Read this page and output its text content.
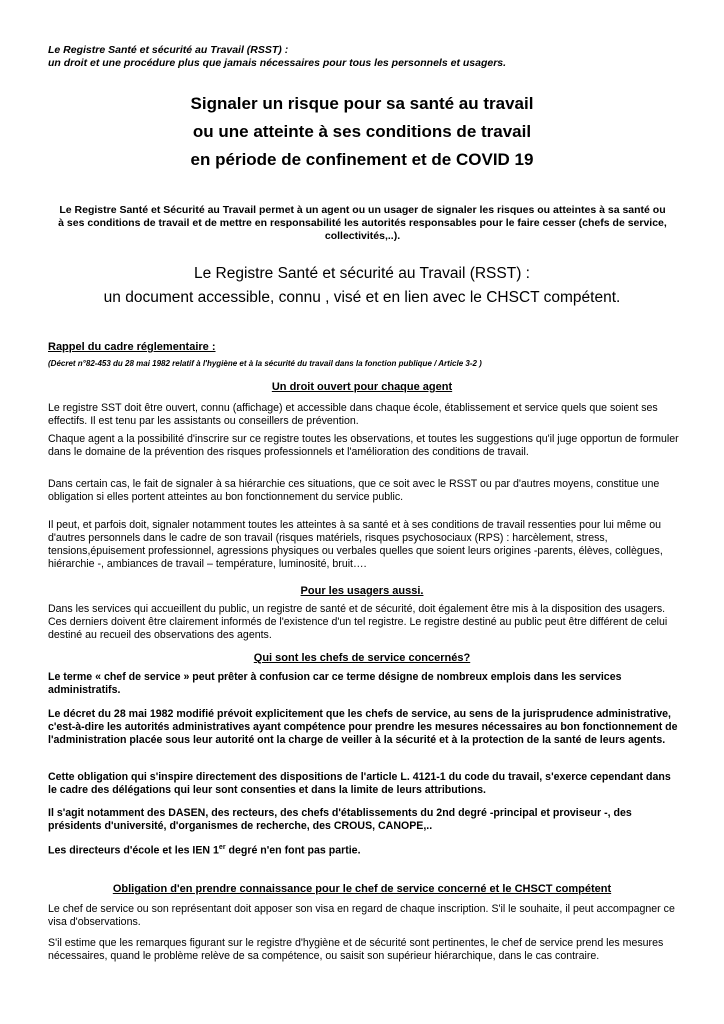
Le Registre Santé et sécurité au Travail (RSST) :
un droit et une procédure plus que jamais nécessaires pour tous les personnels et usagers.
Signaler un risque pour sa santé au travail
ou une atteinte à ses conditions de travail
en période de confinement et de COVID 19
Le Registre Santé et Sécurité au Travail permet à un agent ou un usager de signaler les risques ou atteintes à sa santé ou à ses conditions de travail et de mettre en responsabilité les autorités responsables pour le faire cesser (chefs de service, collectivités,..).
Le Registre Santé et sécurité au Travail (RSST) :
un document accessible, connu , visé et en lien avec le CHSCT compétent.
Rappel du cadre réglementaire :
(Décret n°82-453 du 28 mai 1982 relatif à l'hygiène et à la sécurité du travail dans la fonction publique / Article 3-2 )
Un droit ouvert pour chaque agent
Le registre SST doit être ouvert, connu (affichage) et accessible dans chaque école, établissement et service quels que soient ses effectifs. Il est tenu par les assistants ou conseillers de prévention.
Chaque agent a la possibilité d'inscrire sur ce registre toutes les observations, et toutes les suggestions qu'il juge opportun de formuler dans le domaine de la prévention des risques professionnels et l'amélioration des conditions de travail.
Dans certain cas, le fait de signaler à sa hiérarchie ces situations, que ce soit avec le RSST ou par d'autres moyens, constitue une obligation si elles portent atteintes au bon fonctionnement du service public.
Il peut, et parfois doit, signaler notamment toutes les atteintes à sa santé et à ses conditions de travail ressenties pour lui même ou d'autres personnels dans le cadre de son travail (risques matériels, risques psychosociaux (RPS) : harcèlement, stress, tensions,épuisement professionnel, agressions physiques ou verbales quelles que soient leurs origines -parents, élèves, collègues, hiérarchie -, ambiances de travail – température, luminosité, bruit….
Pour les usagers aussi.
Dans les services qui accueillent du public, un registre de santé et de sécurité, doit également être mis à la disposition des usagers. Ces derniers doivent être clairement informés de l'existence d'un tel registre. Le registre destiné au public peut être différent de celui destiné au recueil des observations des agents.
Qui sont les chefs de service concernés?
Le terme « chef de service » peut prêter à confusion car ce terme désigne de nombreux emplois dans les services administratifs.
Le décret du 28 mai 1982 modifié prévoit explicitement que les chefs de service, au sens de la jurisprudence administrative, c'est-à-dire les autorités administratives ayant compétence pour prendre les mesures nécessaires au bon fonctionnement de l'administration placée sous leur autorité ont la charge de veiller à la sécurité et à la protection de la santé de leurs agents.
Cette obligation qui s'inspire directement des dispositions de l'article L. 4121-1 du code du travail, s'exerce cependant dans le cadre des délégations qui leur sont consenties et dans la limite de leurs attributions.
Il s'agit notamment des DASEN, des recteurs, des chefs d'établissements du 2nd degré -principal et proviseur -, des présidents d'université, d'organismes de recherche, des CROUS, CANOPE,..
Les directeurs d'école et les IEN 1er degré n'en font pas partie.
Obligation d'en prendre connaissance pour le chef de service concerné et le CHSCT compétent
Le chef de service ou son représentant doit apposer son visa en regard de chaque inscription. S'il le souhaite, il peut accompagner ce visa d'observations.
S'il estime que les remarques figurant sur le registre d'hygiène et de sécurité sont pertinentes, le chef de service prend les mesures nécessaires, quand le problème relève de sa compétence, ou saisit son supérieur hiérarchique, dans le cas contraire.
